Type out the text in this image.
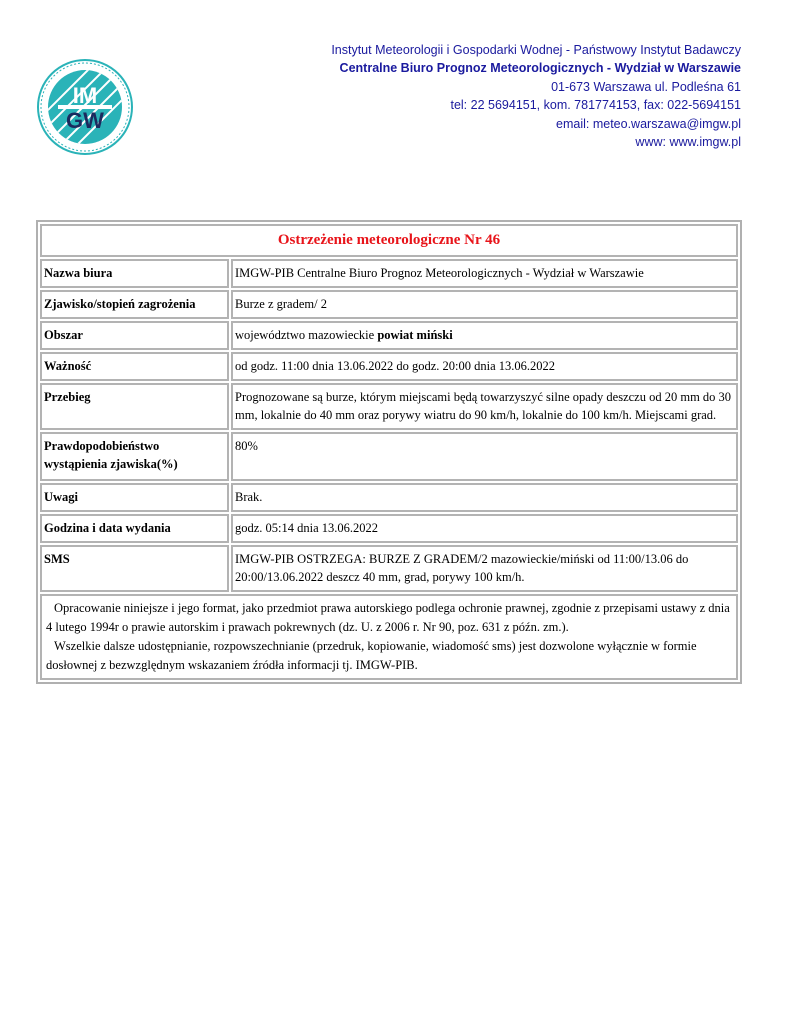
IM
GW
Instytut Meteorologii i Gospodarki Wodnej - Państwowy Instytut Badawczy
Centralne Biuro Prognoz Meteorologicznych - Wydział w Warszawie
01-673 Warszawa ul. Podleśna 61
tel: 22 5694151, kom. 781774153, fax: 022-5694151
email: meteo.warszawa@imgw.pl
www: www.imgw.pl
Ostrzeżenie meteorologiczne Nr 46	
Nazwa biura	IMGW-PIB Centralne Biuro Prognoz Meteorologicznych - Wydział w Warszawie
Zjawisko/stopień zagrożenia	Burze z gradem/ 2
Obszar	województwo mazowieckie powiat miński
Ważność	od godz. 11:00 dnia 13.06.2022 do godz. 20:00 dnia 13.06.2022
Przebieg	Prognozowane są burze, którym miejscami będą towarzyszyć silne opady deszczu od 20 mm do 30 mm, lokalnie do 40 mm oraz porywy wiatru do 90 km/h, lokalnie do 100 km/h. Miejscami grad.
Prawdopodobieństwo wystąpienia zjawiska(%)	80%
Uwagi	Brak.
Godzina i data wydania	godz. 05:14 dnia 13.06.2022
SMS	IMGW-PIB OSTRZEGA: BURZE Z GRADEM/2 mazowieckie/miński od 11:00/13.06 do 20:00/13.06.2022 deszcz 40 mm, grad, porywy 100 km/h.

Opracowanie niniejsze i jego format, jako przedmiot prawa autorskiego podlega ochronie prawnej, zgodnie z przepisami ustawy z dnia 4 lutego 1994r o prawie autorskim i prawach pokrewnych (dz. U. z 2006 r. Nr 90, poz. 631 z późn. zm.).

Wszelkie dalsze udostępnianie, rozpowszechnianie (przedruk, kopiowanie, wiadomość sms) jest dozwolone wyłącznie w formie dosłownej z bezwzględnym wskazaniem źródła informacji tj. IMGW-PIB.	
